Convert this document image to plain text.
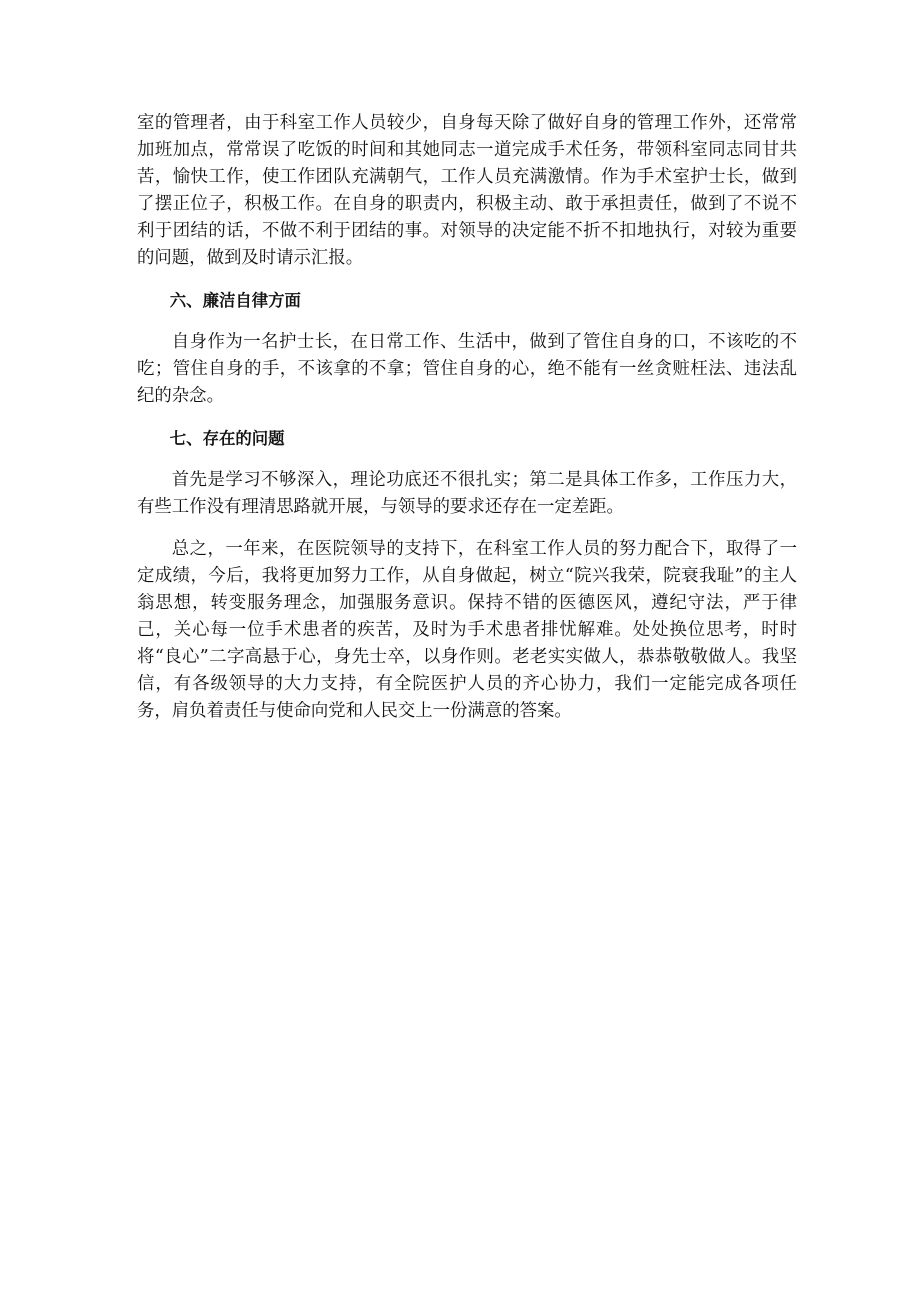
室的管理者，由于科室工作人员较少，自身每天除了做好自身的管理工作外，还常常加班加点，常常误了吃饭的时间和其她同志一道完成手术任务，带领科室同志同甘共苦，愉快工作，使工作团队充满朝气，工作人员充满激情。作为手术室护士长，做到了摆正位子，积极工作。在自身的职责内，积极主动、敢于承担责任，做到了不说不利于团结的话，不做不利于团结的事。对领导的决定能不折不扣地执行，对较为重要的问题，做到及时请示汇报。

六、廉洁自律方面

自身作为一名护士长，在日常工作、生活中，做到了管住自身的口，不该吃的不吃；管住自身的手，不该拿的不拿；管住自身的心，绝不能有一丝贪赃枉法、违法乱纪的杂念。

七、存在的问题

首先是学习不够深入，理论功底还不很扎实；第二是具体工作多，工作压力大，有些工作没有理清思路就开展，与领导的要求还存在一定差距。

总之，一年来，在医院领导的支持下，在科室工作人员的努力配合下，取得了一定成绩，今后，我将更加努力工作，从自身做起，树立“院兴我荣，院衰我耻”的主人翁思想，转变服务理念，加强服务意识。保持不错的医德医风，遵纪守法，严于律己，关心每一位手术患者的疾苦，及时为手术患者排忧解难。处处换位思考，时时将“良心”二字高悬于心，身先士卒，以身作则。老老实实做人，恭恭敬敬做人。我坚信，有各级领导的大力支持，有全院医护人员的齐心协力，我们一定能完成各项任务，肩负着责任与使命向党和人民交上一份满意的答案。
